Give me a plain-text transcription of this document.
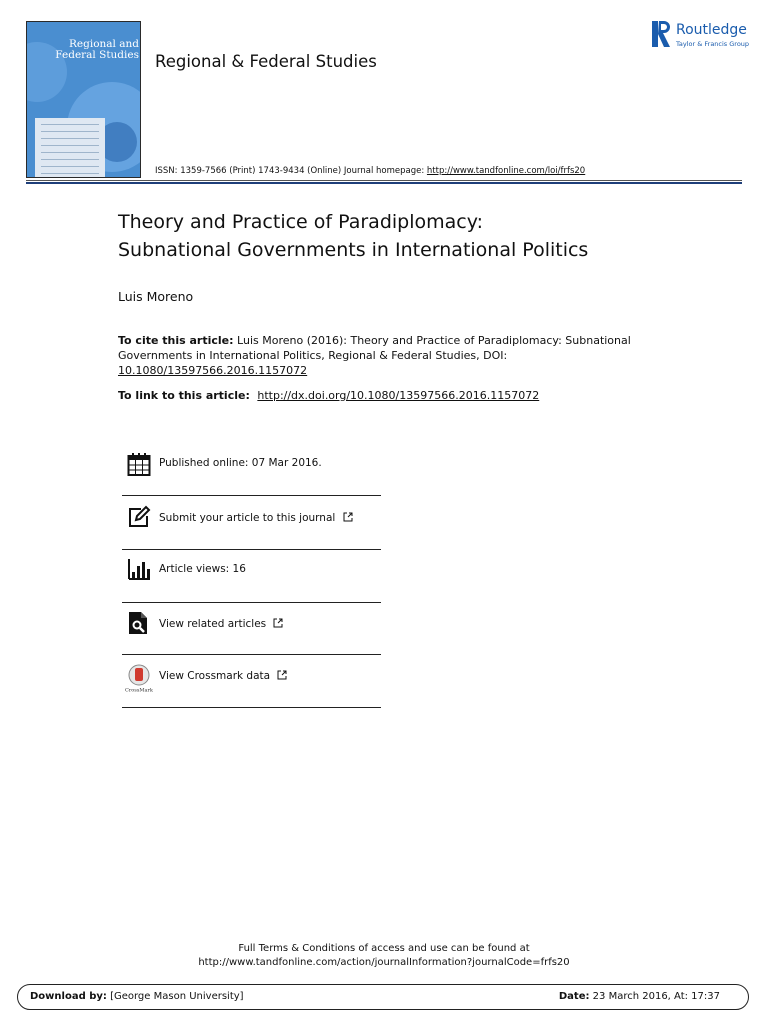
Regional and Federal Studies Regional & Federal Studies
Routledge
Taylor & Francis Group
ISSN: 1359-7566 (Print) 1743-9434 (Online) Journal homepage: http://www.tandfonline.com/loi/frfs20
Theory and Practice of Paradiplomacy:
Subnational Governments in International Politics
Luis Moreno
To cite this article: Luis Moreno (2016): Theory and Practice of Paradiplomacy: Subnational Governments in International Politics, Regional & Federal Studies, DOI:
10.1080/13597566.2016.1157072
To link to this article: http://dx.doi.org/10.1080/13597566.2016.1157072
Published online: 07 Mar 2016.
Submit your article to this journal
Article views: 16
View related articles
CrossMark
View Crossmark data
Full Terms & Conditions of access and use can be found at
http://www.tandfonline.com/action/journalInformation?journalCode=frfs20
Download by: [George Mason University]	Date: 23 March 2016, At: 17:37
